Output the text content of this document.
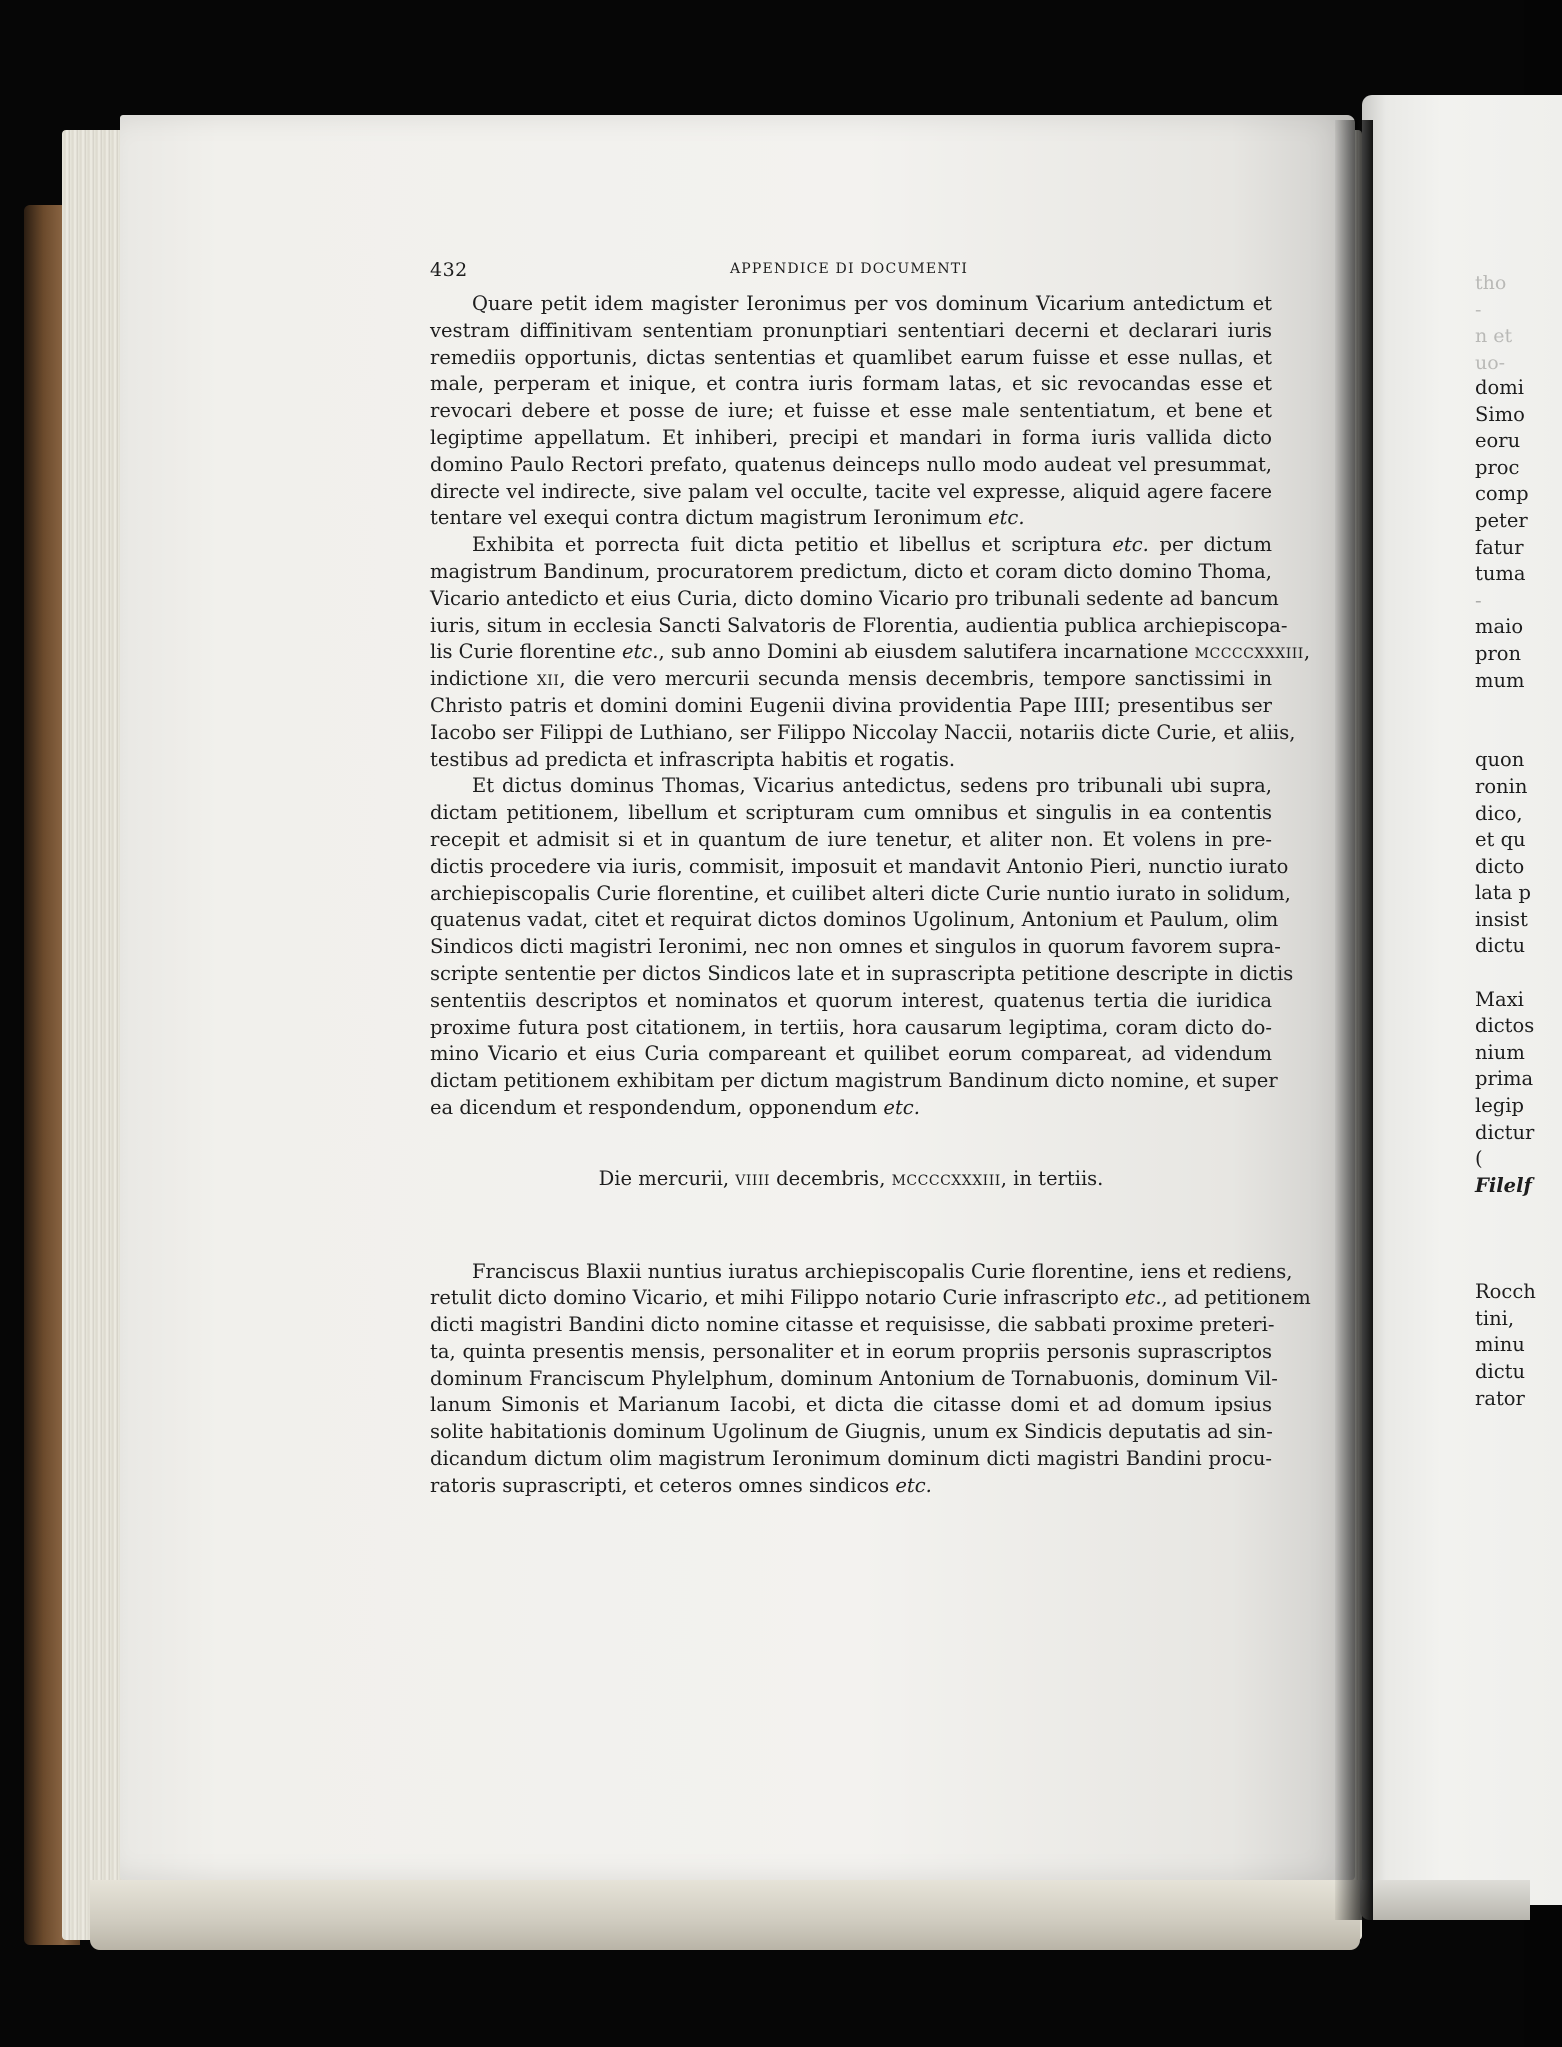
432	APPENDICE DI DOCUMENTI
Quare petit idem magister Ieronimus per vos dominum Vicarium antedictum et
vestram diffinitivam sententiam pronunptiari sententiari decerni et declarari iuris
remediis opportunis, dictas sententias et quamlibet earum fuisse et esse nullas, et
male, perperam et inique, et contra iuris formam latas, et sic revocandas esse et
revocari debere et posse de iure; et fuisse et esse male sententiatum, et bene et
legiptime appellatum. Et inhiberi, precipi et mandari in forma iuris vallida dicto
domino Paulo Rectori prefato, quatenus deinceps nullo modo audeat vel presummat,
directe vel indirecte, sive palam vel occulte, tacite vel expresse, aliquid agere facere
tentare vel exequi contra dictum magistrum Ieronimum etc.
Exhibita et porrecta fuit dicta petitio et libellus et scriptura etc. per dictum
magistrum Bandinum, procuratorem predictum, dicto et coram dicto domino Thoma,
Vicario antedicto et eius Curia, dicto domino Vicario pro tribunali sedente ad bancum
iuris, situm in ecclesia Sancti Salvatoris de Florentia, audientia publica archiepiscopa-
lis Curie florentine etc., sub anno Domini ab eiusdem salutifera incarnatione mccccxxxiii,
indictione xii, die vero mercurii secunda mensis decembris, tempore sanctissimi in
Christo patris et domini domini Eugenii divina providentia Pape IIII; presentibus ser
Iacobo ser Filippi de Luthiano, ser Filippo Niccolay Naccii, notariis dicte Curie, et aliis,
testibus ad predicta et infrascripta habitis et rogatis.
Et dictus dominus Thomas, Vicarius antedictus, sedens pro tribunali ubi supra,
dictam petitionem, libellum et scripturam cum omnibus et singulis in ea contentis
recepit et admisit si et in quantum de iure tenetur, et aliter non. Et volens in pre-
dictis procedere via iuris, commisit, imposuit et mandavit Antonio Pieri, nunctio iurato
archiepiscopalis Curie florentine, et cuilibet alteri dicte Curie nuntio iurato in solidum,
quatenus vadat, citet et requirat dictos dominos Ugolinum, Antonium et Paulum, olim
Sindicos dicti magistri Ieronimi, nec non omnes et singulos in quorum favorem supra-
scripte sententie per dictos Sindicos late et in suprascripta petitione descripte in dictis
sententiis descriptos et nominatos et quorum interest, quatenus tertia die iuridica
proxime futura post citationem, in tertiis, hora causarum legiptima, coram dicto do-
mino Vicario et eius Curia compareant et quilibet eorum compareat, ad videndum
dictam petitionem exhibitam per dictum magistrum Bandinum dicto nomine, et super
ea dicendum et respondendum, opponendum etc.
Die mercurii, viiii decembris, mccccxxxiii, in tertiis.
Franciscus Blaxii nuntius iuratus archiepiscopalis Curie florentine, iens et rediens,
retulit dicto domino Vicario, et mihi Filippo notario Curie infrascripto etc., ad petitionem
dicti magistri Bandini dicto nomine citasse et requisisse, die sabbati proxime preteri-
ta, quinta presentis mensis, personaliter et in eorum propriis personis suprascriptos
dominum Franciscum Phylelphum, dominum Antonium de Tornabuonis, dominum Vil-
lanum Simonis et Marianum Iacobi, et dicta die citasse domi et ad domum ipsius
solite habitationis dominum Ugolinum de Giugnis, unum ex Sindicis deputatis ad sin-
dicandum dictum olim magistrum Ieronimum dominum dicti magistri Bandini procu-
ratoris suprascripti, et ceteros omnes sindicos etc.
tho
-
n et
uo-
domi
Simo
eoru
proc
comp
peter
fatur
tuma
-
maio
pron
mum
quon
ronin
dico,
et qu
dicto
lata p
insist
dictu
Maxi
dictos
nium
prima
legip
dictur
(
Filelf
Rocch
tini,
minu
dictu
rator
